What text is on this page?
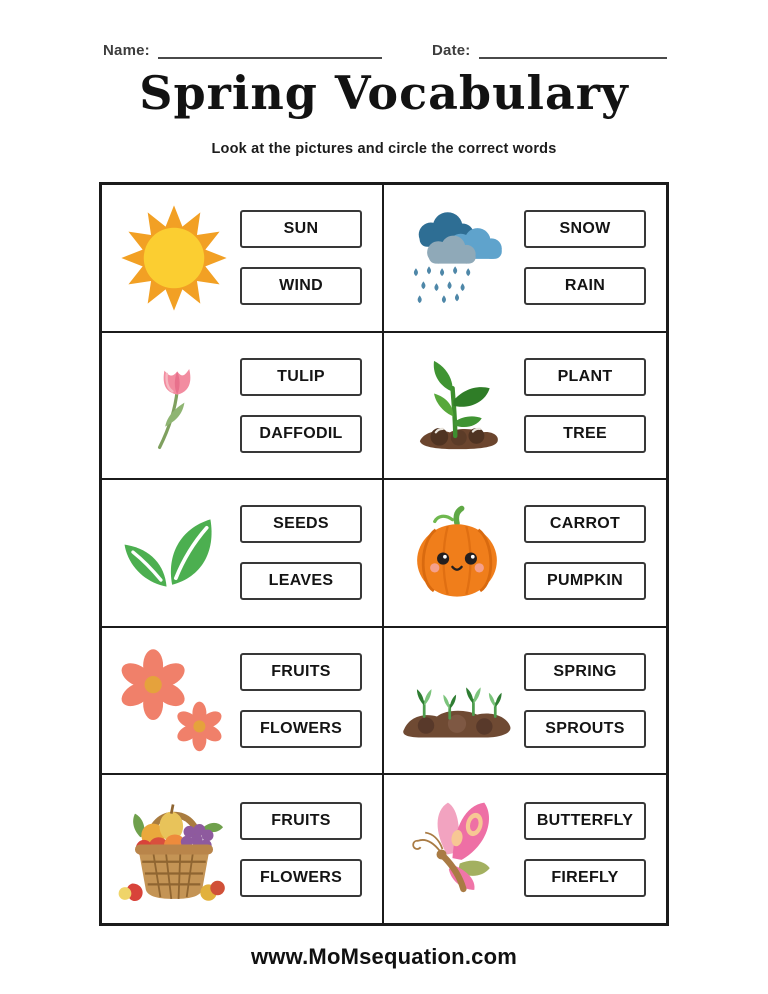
Name:	Date:
Spring Vocabulary
Look at the pictures and circle the correct words
SUN
WIND
SNOW
RAIN
TULIP
DAFFODIL
PLANT
TREE
SEEDS
LEAVES
CARROT
PUMPKIN
FRUITS
FLOWERS
SPRING
SPROUTS
FRUITS
FLOWERS
BUTTERFLY
FIREFLY
www.MoMsequation.com
